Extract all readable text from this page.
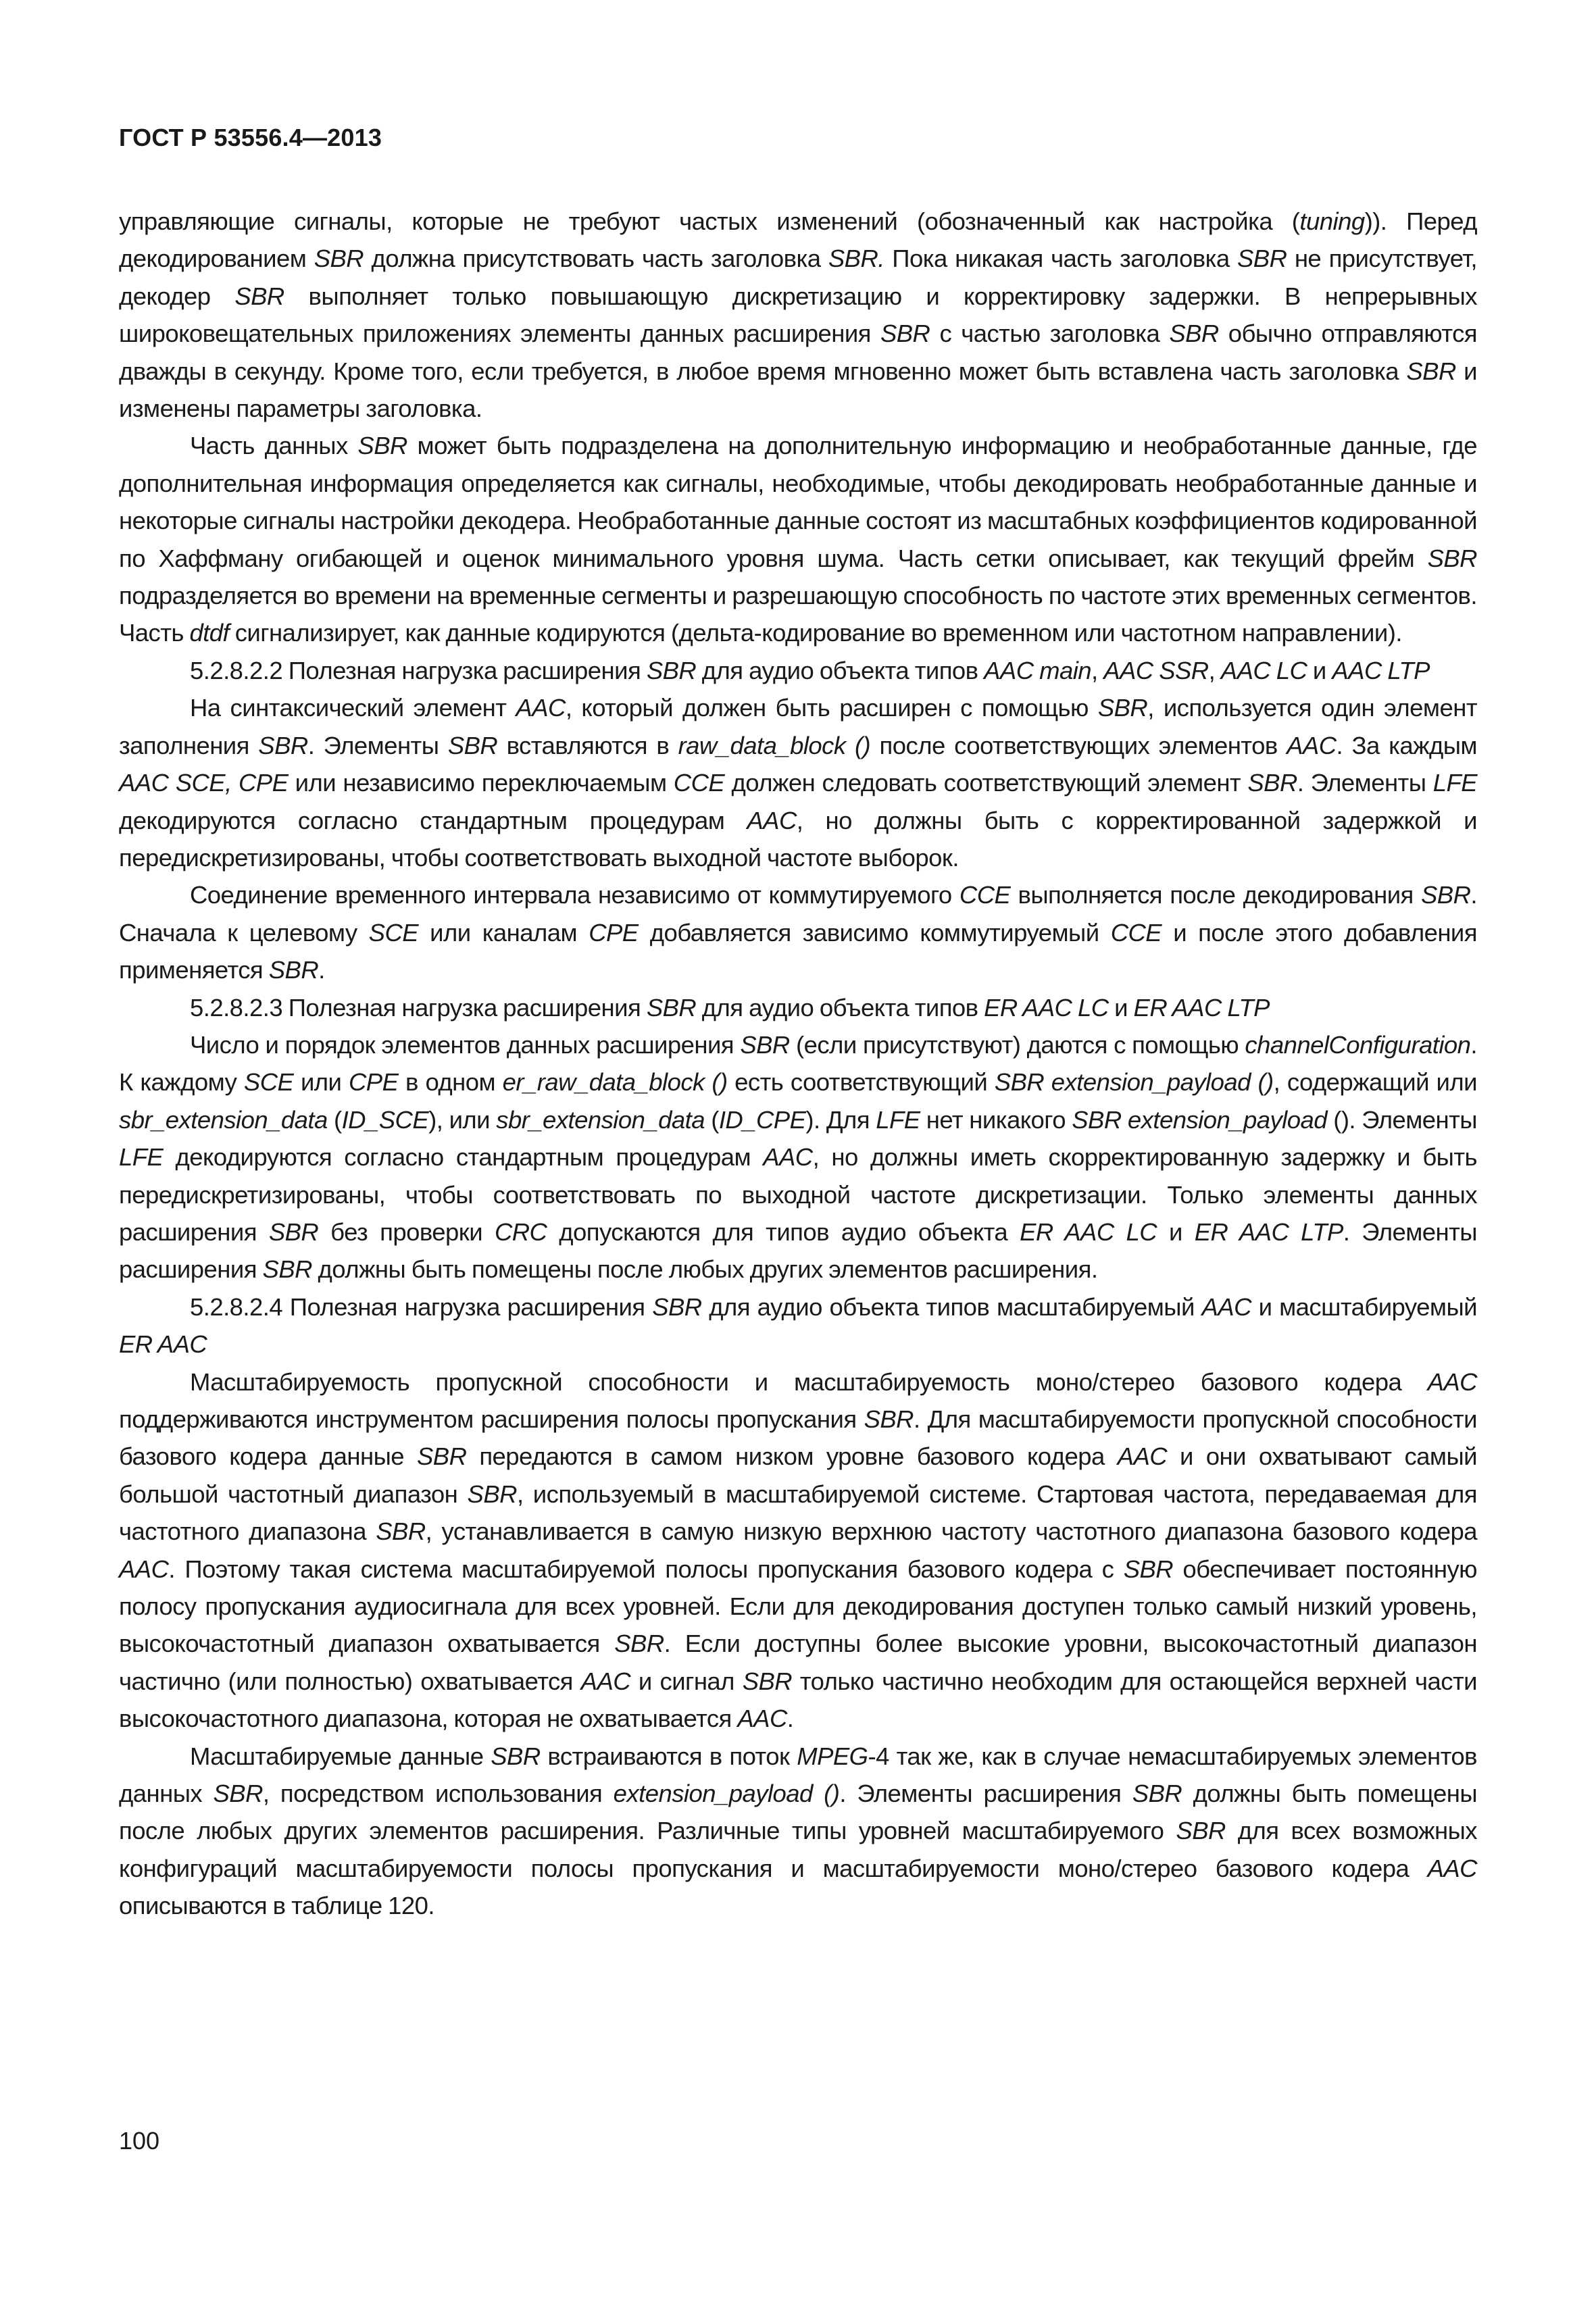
ГОСТ Р 53556.4—2013

управляющие сигналы, которые не требуют частых изменений (обозначенный как настройка (tuning)). Перед декодированием SBR должна присутствовать часть заголовка SBR. Пока никакая часть заголовка SBR не присутствует, декодер SBR выполняет только повышающую дискретизацию и корректировку задержки. В непрерывных широковещательных приложениях элементы данных расширения SBR с частью заголовка SBR обычно отправляются дважды в секунду. Кроме того, если требуется, в любое время мгновенно может быть вставлена часть заголовка SBR и изменены параметры заголовка.

Часть данных SBR может быть подразделена на дополнительную информацию и необработанные данные, где дополнительная информация определяется как сигналы, необходимые, чтобы декодировать необработанные данные и некоторые сигналы настройки декодера. Необработанные данные состоят из масштабных коэффициентов кодированной по Хаффману огибающей и оценок минимального уровня шума. Часть сетки описывает, как текущий фрейм SBR подразделяется во времени на временные сегменты и разрешающую способность по частоте этих временных сегментов. Часть dtdf сигнализирует, как данные кодируются (дельта-кодирование во временном или частотном направлении).

5.2.8.2.2 Полезная нагрузка расширения SBR для аудио объекта типов AAC main, AAC SSR, AAC LC и AAC LTP

На синтаксический элемент AAC, который должен быть расширен с помощью SBR, используется один элемент заполнения SBR. Элементы SBR вставляются в raw_data_block () после соответствующих элементов AAC. За каждым AAC SCE, CPE или независимо переключаемым CCE должен следовать соответствующий элемент SBR. Элементы LFE декодируются согласно стандартным процедурам AAC, но должны быть с корректированной задержкой и передискретизированы, чтобы соответствовать выходной частоте выборок.

Соединение временного интервала независимо от коммутируемого CCE выполняется после декодирования SBR. Сначала к целевому SCE или каналам CPE добавляется зависимо коммутируемый CCE и после этого добавления применяется SBR.

5.2.8.2.3 Полезная нагрузка расширения SBR для аудио объекта типов ER AAC LC и ER AAC LTP

Число и порядок элементов данных расширения SBR (если присутствуют) даются с помощью channelConfiguration. К каждому SCE или CPE в одном er_raw_data_block () есть соответствующий SBR extension_payload (), содержащий или sbr_extension_data (ID_SCE), или sbr_extension_data (ID_CPE). Для LFE нет никакого SBR extension_payload (). Элементы LFE декодируются согласно стандартным процедурам AAC, но должны иметь скорректированную задержку и быть передискретизированы, чтобы соответствовать по выходной частоте дискретизации. Только элементы данных расширения SBR без проверки CRC допускаются для типов аудио объекта ER AAC LC и ER AAC LTP. Элементы расширения SBR должны быть помещены после любых других элементов расширения.

5.2.8.2.4 Полезная нагрузка расширения SBR для аудио объекта типов масштабируемый AAC и масштабируемый ER AAC

Масштабируемость пропускной способности и масштабируемость моно/стерео базового кодера AAC поддерживаются инструментом расширения полосы пропускания SBR. Для масштабируемости пропускной способности базового кодера данные SBR передаются в самом низком уровне базового кодера AAC и они охватывают самый большой частотный диапазон SBR, используемый в масштабируемой системе. Стартовая частота, передаваемая для частотного диапазона SBR, устанавливается в самую низкую верхнюю частоту частотного диапазона базового кодера AAC. Поэтому такая система масштабируемой полосы пропускания базового кодера с SBR обеспечивает постоянную полосу пропускания аудиосигнала для всех уровней. Если для декодирования доступен только самый низкий уровень, высокочастотный диапазон охватывается SBR. Если доступны более высокие уровни, высокочастотный диапазон частично (или полностью) охватывается AAC и сигнал SBR только частично необходим для остающейся верхней части высокочастотного диапазона, которая не охватывается AAC.

Масштабируемые данные SBR встраиваются в поток MPEG-4 так же, как в случае немасштабируемых элементов данных SBR, посредством использования extension_payload (). Элементы расширения SBR должны быть помещены после любых других элементов расширения. Различные типы уровней масштабируемого SBR для всех возможных конфигураций масштабируемости полосы пропускания и масштабируемости моно/стерео базового кодера AAC описываются в таблице 120.

100
